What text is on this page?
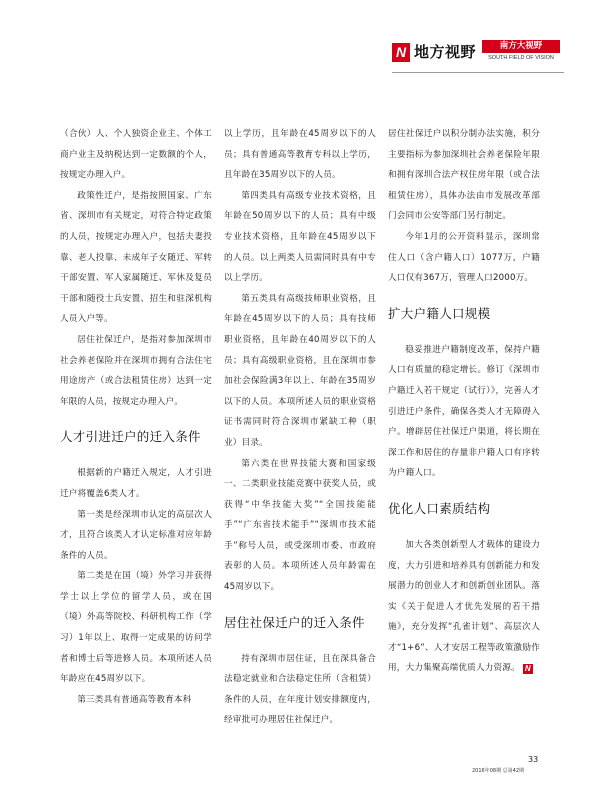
N 地方视野	南方大视野
SOUTH FIELD OF VISION

（合伙）人、个人独资企业主、个体工商户业主及纳税达到一定数额的个人，按规定办理入户。

政策性迁户，是指按照国家、广东省、深圳市有关规定，对符合特定政策的人员，按规定办理入户，包括夫妻投靠、老人投靠、未成年子女随迁、军转干部安置、军人家属随迁、军休及复员干部和随役士兵安置、招生和驻深机构人员入户等。

居住社保迁户，是指对参加深圳市社会养老保险并在深圳市拥有合法住宅用途房产（或合法租赁住房）达到一定年限的人员，按规定办理入户。

人才引进迁户的迁入条件

根据新的户籍迁入规定，人才引进迁户将覆盖6类人才。

第一类是经深圳市认定的高层次人才，且符合该类人才认定标准对应年龄条件的人员。

第二类是在国（境）外学习并获得学士以上学位的留学人员，或在国（境）外高等院校、科研机构工作（学习）1年以上、取得一定成果的访问学者和博士后等进修人员。本项所述人员年龄应在45周岁以下。

第三类具有普通高等教育本科

以上学历，且年龄在45周岁以下的人员；具有普通高等教育专科以上学历，且年龄在35周岁以下的人员。

第四类具有高级专业技术资格，且年龄在50周岁以下的人员；具有中级专业技术资格，且年龄在45周岁以下的人员。以上两类人员需同时具有中专以上学历。

第五类具有高级技师职业资格，且年龄在45周岁以下的人员；具有技师职业资格，且年龄在40周岁以下的人员；具有高级职业资格，且在深圳市参加社会保险满3年以上、年龄在35周岁以下的人员。本项所述人员的职业资格证书需同时符合深圳市紧缺工种（职业）目录。

第六类在世界技能大赛和国家级一、二类职业技能竞赛中获奖人员，或获得“中华技能大奖”“全国技能能手”“广东省技术能手”“深圳市技术能手”称号人员，或受深圳市委、市政府表彰的人员。本项所述人员年龄需在45周岁以下。

居住社保迁户的迁入条件

持有深圳市居住证，且在深具备合法稳定就业和合法稳定住所（含租赁）条件的人员，在年度计划安排额度内，经审批可办理居住社保迁户。

居住社保迁户以积分制办法实施，积分主要指标为参加深圳社会养老保险年限和拥有深圳合法产权住房年限（或合法租赁住房），具体办法由市发展改革部门会同市公安等部门另行制定。

今年1月的公开资料显示，深圳常住人口（含户籍人口）1077万，户籍人口仅有367万，管理人口2000万。

扩大户籍人口规模

稳妥推进户籍制度改革，保持户籍人口有质量的稳定增长。修订《深圳市户籍迁入若干规定（试行）》，完善人才引进迁户条件，确保各类人才无障碍入户。增辟居住社保迁户渠道，将长期在深工作和居住的存量非户籍人口有序转为户籍人口。

优化人口素质结构

加大各类创新型人才载体的建设力度，大力引进和培养具有创新能力和发展潜力的创业人才和创新创业团队。落实《关于促进人才优先发展的若干措施》，充分发挥“孔雀计划”、高层次人才“1+6”、人才安居工程等政策激励作用，大力集聚高端优质人力资源。 N

33
2016年08期 总第42期
